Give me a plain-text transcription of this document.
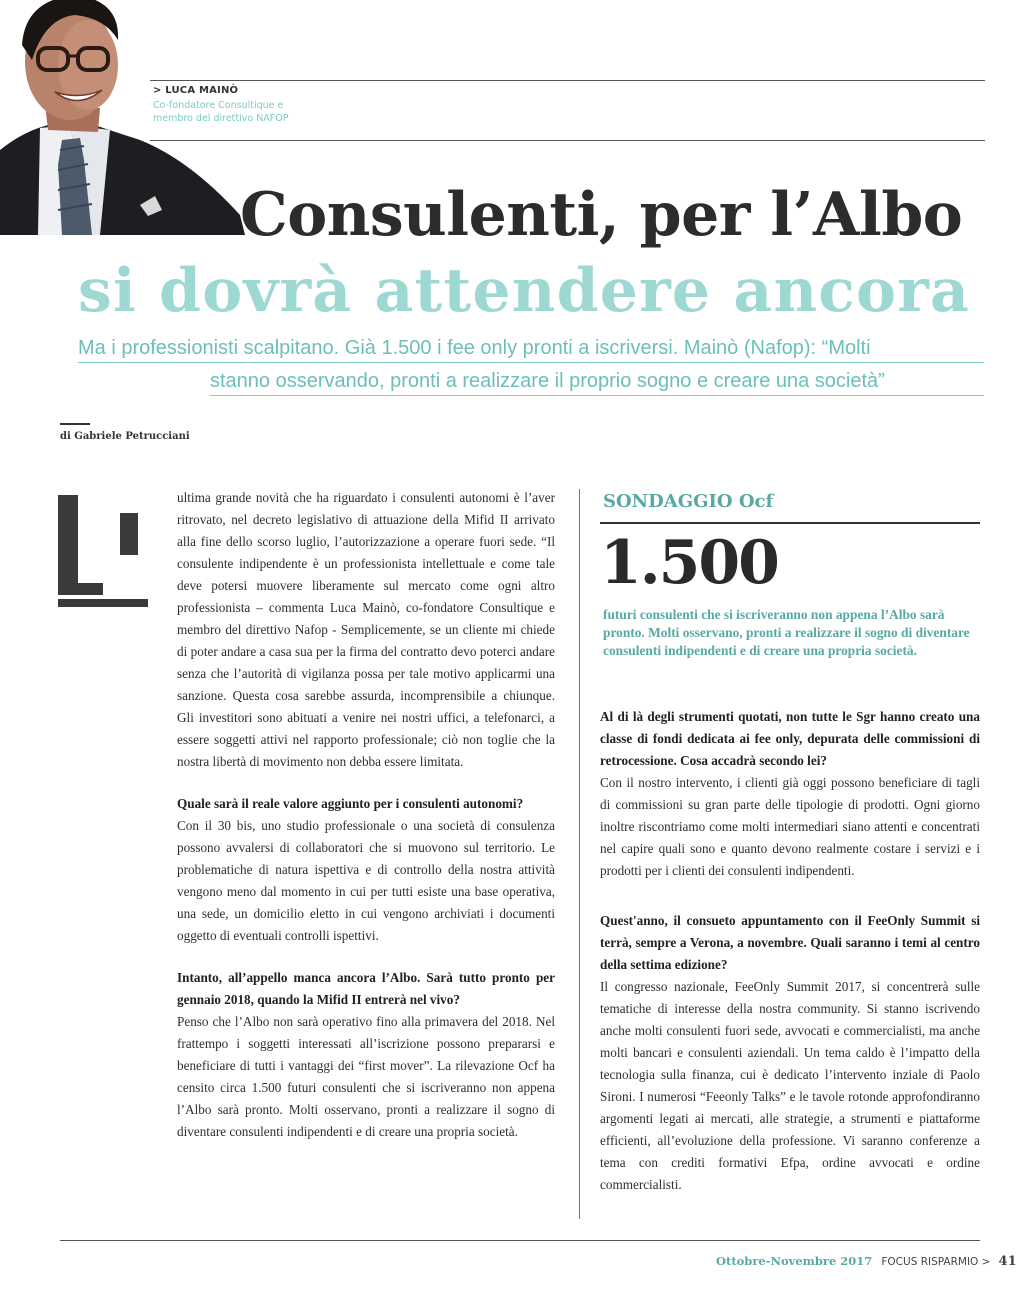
> LUCA MAINÒ
Co-fondatore Consultique e
membro del direttivo NAFOP
Consulenti, per l’Albo
si dovrà attendere ancora
Ma i professionisti scalpitano. Già 1.500 i fee only pronti a iscriversi. Mainò (Nafop): “Molti
stanno osservando, pronti a realizzare il proprio sogno e creare una società”
di Gabriele Petrucciani

ultima grande novità che ha riguardato i consulenti autonomi è l’aver ritrovato, nel decreto legislativo di attuazione della Mifid II arrivato alla fine dello scorso luglio, l’autorizzazione a operare fuori sede. “Il consulente indipendente è un professionista intellettuale e come tale deve potersi muovere liberamente sul mercato come ogni altro professionista – commenta Luca Mainò, co-fondatore Consultique e membro del direttivo Nafop - Semplicemente, se un cliente mi chiede di poter andare a casa sua per la firma del contratto devo poterci andare senza che l’autorità di vigilanza possa per tale motivo applicarmi una sanzione. Questa cosa sarebbe assurda, incomprensibile a chiunque. Gli investitori sono abituati a venire nei nostri uffici, a telefonarci, a essere soggetti attivi nel rapporto professionale; ciò non toglie che la nostra libertà di movimento non debba essere limitata.

Quale sarà il reale valore aggiunto per i consulenti autonomi?

Con il 30 bis, uno studio professionale o una società di consulenza possono avvalersi di collaboratori che si muovono sul territorio. Le problematiche di natura ispettiva e di controllo della nostra attività vengono meno dal momento in cui per tutti esiste una base operativa, una sede, un domicilio eletto in cui vengono archiviati i documenti oggetto di eventuali controlli ispettivi.

Intanto, all’appello manca ancora l’Albo. Sarà tutto pronto per gennaio 2018, quando la Mifid II entrerà nel vivo?

Penso che l’Albo non sarà operativo fino alla primavera del 2018. Nel frattempo i soggetti interessati all’iscrizione possono prepararsi e beneficiare di tutti i vantaggi dei “first mover”. La rilevazione Ocf ha censito circa 1.500 futuri consulenti che si iscriveranno non appena l’Albo sarà pronto. Molti osservano, pronti a realizzare il sogno di diventare consulenti indipendenti e di creare una propria società.

SONDAGGIO Ocf
1.500
futuri consulenti che si iscriveranno non appena l’Albo sarà pronto. Molti osservano, pronti a realizzare il sogno di diventare consulenti indipendenti e di creare una propria società.

Al di là degli strumenti quotati, non tutte le Sgr hanno creato una classe di fondi dedicata ai fee only, depurata delle commissioni di retrocessione. Cosa accadrà secondo lei?

Con il nostro intervento, i clienti già oggi possono beneficiare di tagli di commissioni su gran parte delle tipologie di prodotti. Ogni giorno inoltre riscontriamo come molti intermediari siano attenti e concentrati nel capire quali sono e quanto devono realmente costare i servizi e i prodotti per i clienti dei consulenti indipendenti.

Quest'anno, il consueto appuntamento con il FeeOnly Summit si terrà, sempre a Verona, a novembre. Quali saranno i temi al centro della settima edizione?

Il congresso nazionale, FeeOnly Summit 2017, si concentrerà sulle tematiche di interesse della nostra community. Si stanno iscrivendo anche molti consulenti fuori sede, avvocati e commercialisti, ma anche molti bancari e consulenti aziendali. Un tema caldo è l’impatto della tecnologia sulla finanza, cui è dedicato l’intervento inziale di Paolo Sironi. I numerosi “Feeonly Talks” e le tavole rotonde approfondiranno argomenti legati ai mercati, alle strategie, a strumenti e piattaforme efficienti, all’evoluzione della professione. Vi saranno conferenze a tema con crediti formativi Efpa, ordine avvocati e ordine commercialisti.

Ottobre-Novembre 2017 FOCUS RISPARMIO > 41
